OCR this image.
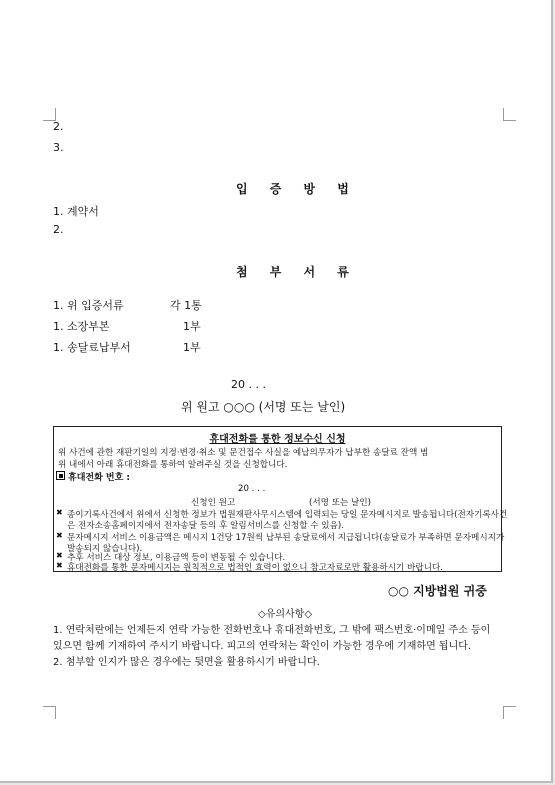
2.
3.
입 증 방 법
1. 계약서
2.
첨 부 서 류
1. 위 입증서류	각 1통
1. 소장부본	1부
1. 송달료납부서	1부
20 . . .
위 원고 ○○○ (서명 또는 날인)
휴대전화를 통한 정보수신 신청
위 사건에 관한 재판기일의 지정·변경·취소 및 문건접수 사실을 예납의무자가 납부한 송달료 잔액 범
위 내에서 아래 휴대전화를 통하여 알려주실 것을 신청합니다.
휴대전화 번호 :
20 . . .
신청인 원고	(서명 또는 날인)
✖ 종이기록사건에서 위에서 신청한 정보가 법원재판사무시스템에 입력되는 당일 문자메시지로 발송됩니다(전자기록사건
은 전자소송홈페이지에서 전자송달 등의 후 알림서비스를 신청할 수 있음).
✖ 문자메시지 서비스 이용금액은 메시지 1건당 17원씩 납부된 송달료에서 지급됩니다(송달료가 부족하면 문자메시지가
발송되지 않습니다).
✖ 추후 서비스 대상 정보, 이용금액 등이 변동될 수 있습니다.
✖ 휴대전화를 통한 문자메시지는 원칙적으로 법적인 효력이 없으니 참고자료로만 활용하시기 바랍니다.
○○ 지방법원 귀중
◇유의사항◇
1. 연락처란에는 언제든지 연락 가능한 전화번호나 휴대전화번호, 그 밖에 팩스번호·이메일 주소 등이
있으면 함께 기재하여 주시기 바랍니다. 피고의 연락처는 확인이 가능한 경우에 기재하면 됩니다.
2. 첨부할 인지가 많은 경우에는 뒷면을 활용하시기 바랍니다.
